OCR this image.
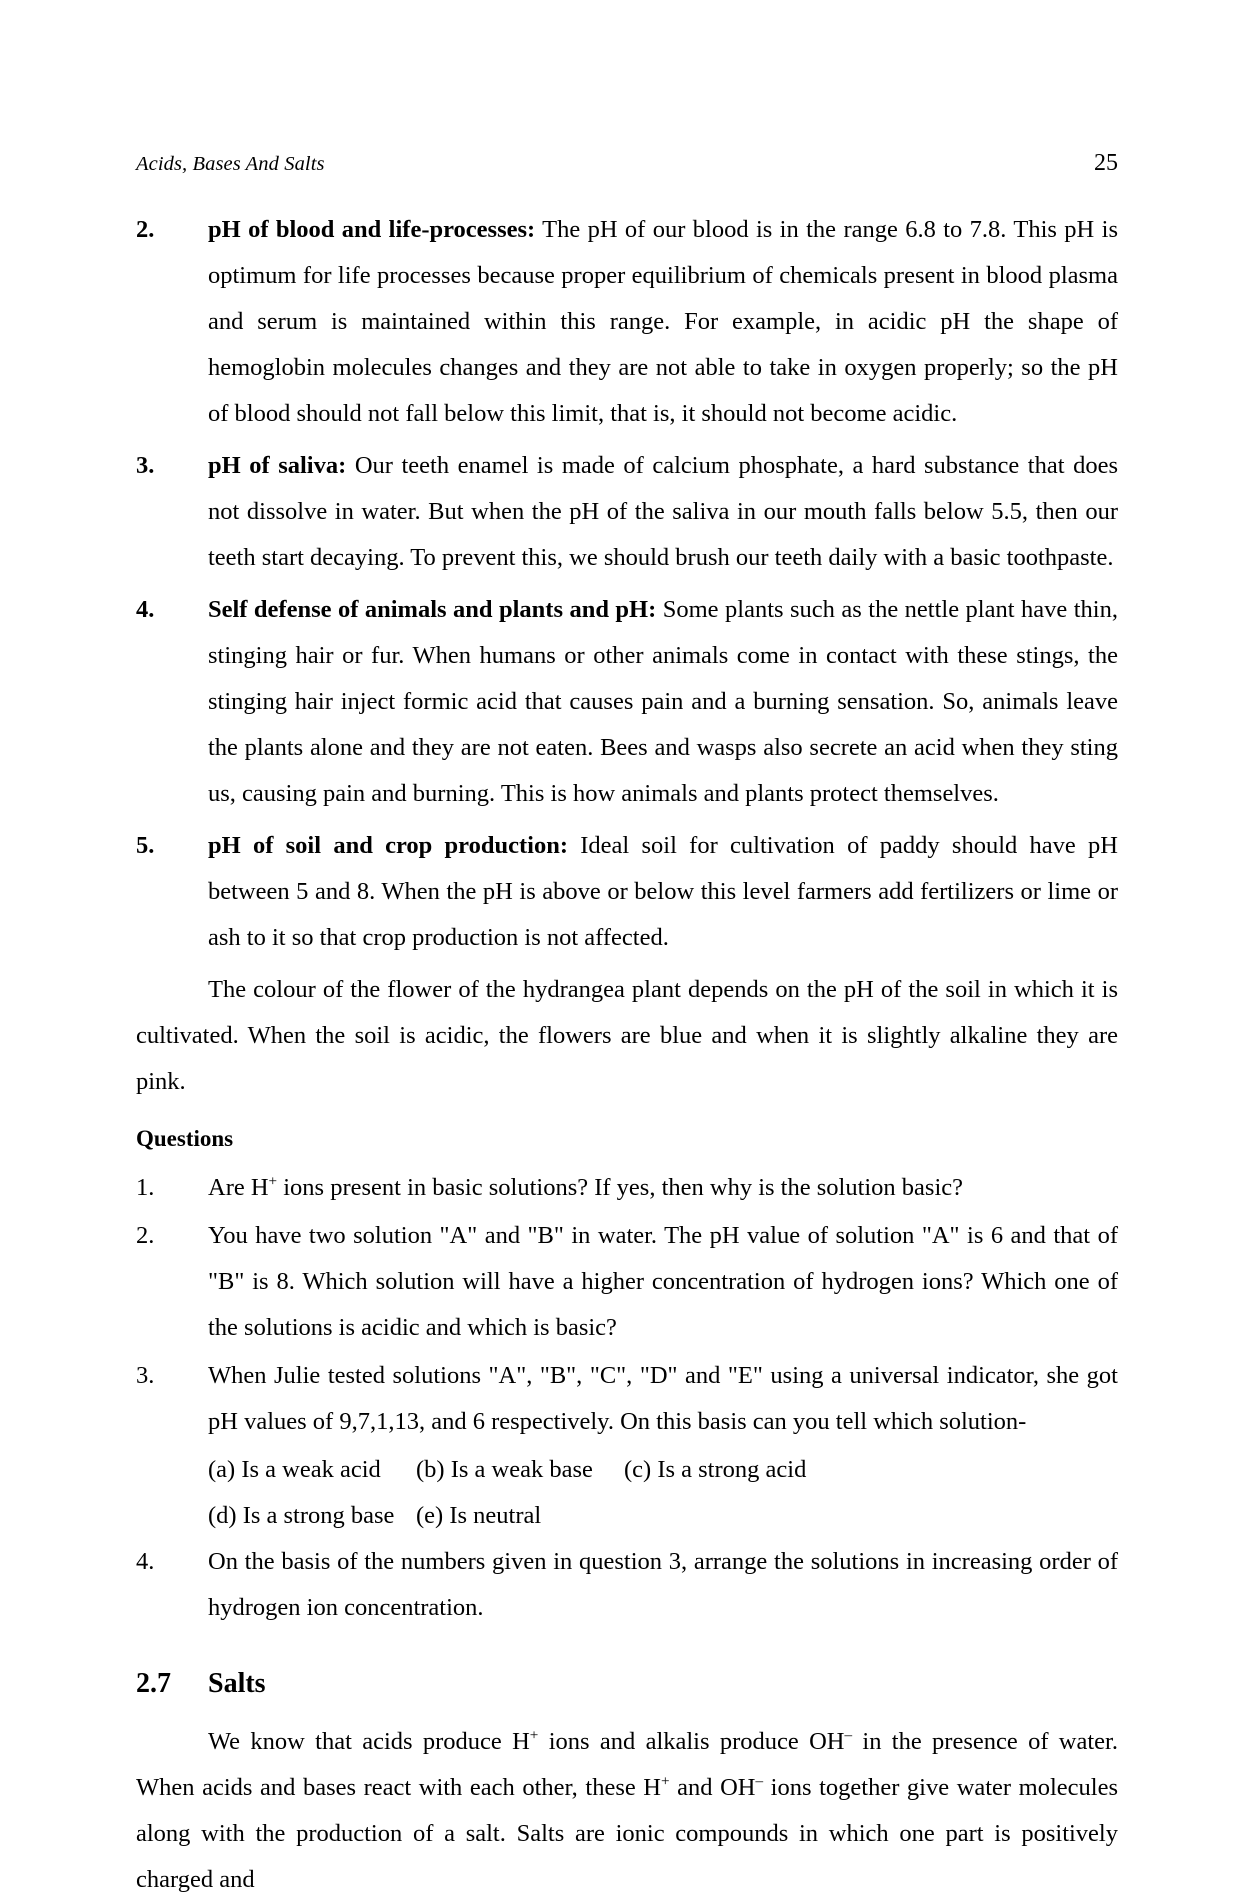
Acids, Bases And Salts	25
2. pH of blood and life-processes: The pH of our blood is in the range 6.8 to 7.8. This pH is optimum for life processes because proper equilibrium of chemicals present in blood plasma and serum is maintained within this range. For example, in acidic pH the shape of hemoglobin molecules changes and they are not able to take in oxygen properly; so the pH of blood should not fall below this limit, that is, it should not become acidic.
3. pH of saliva: Our teeth enamel is made of calcium phosphate, a hard substance that does not dissolve in water. But when the pH of the saliva in our mouth falls below 5.5, then our teeth start decaying. To prevent this, we should brush our teeth daily with a basic toothpaste.
4. Self defense of animals and plants and pH: Some plants such as the nettle plant have thin, stinging hair or fur. When humans or other animals come in contact with these stings, the stinging hair inject formic acid that causes pain and a burning sensation. So, animals leave the plants alone and they are not eaten. Bees and wasps also secrete an acid when they sting us, causing pain and burning. This is how animals and plants protect themselves.
5. pH of soil and crop production: Ideal soil for cultivation of paddy should have pH between 5 and 8. When the pH is above or below this level farmers add fertilizers or lime or ash to it so that crop production is not affected.

The colour of the flower of the hydrangea plant depends on the pH of the soil in which it is cultivated. When the soil is acidic, the flowers are blue and when it is slightly alkaline they are pink.

Questions
1. Are H+ ions present in basic solutions? If yes, then why is the solution basic?
2. You have two solution "A" and "B" in water. The pH value of solution "A" is 6 and that of "B" is 8. Which solution will have a higher concentration of hydrogen ions? Which one of the solutions is acidic and which is basic?
3. When Julie tested solutions "A", "B", "C", "D" and "E" using a universal indicator, she got pH values of 9,7,1,13, and 6 respectively. On this basis can you tell which solution-
(a) Is a weak acid	(b) Is a weak base	(c) Is a strong acid
(d) Is a strong base (e) Is neutral
4. On the basis of the numbers given in question 3, arrange the solutions in increasing order of hydrogen ion concentration.
2.7	Salts

We know that acids produce H+ ions and alkalis produce OH– in the presence of water. When acids and bases react with each other, these H+ and OH– ions together give water molecules along with the production of a salt. Salts are ionic compounds in which one part is positively charged and
